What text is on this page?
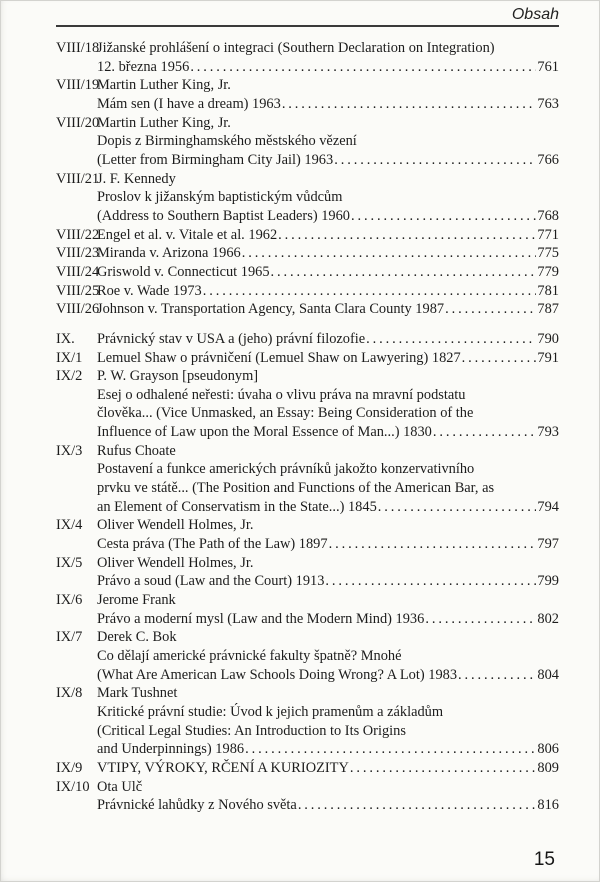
Obsah
VIII/18
Jižanské prohlášení o integraci (Southern Declaration on Integration)
12. března 1956 .....	761
VIII/19
Martin Luther King, Jr.
Mám sen (I have a dream) 1963 .....	763
VIII/20
Martin Luther King, Jr.
Dopis z Birminghamského městského vězení
(Letter from Birmingham City Jail) 1963 .....	766
VIII/21
J. F. Kennedy
Proslov k jižanským baptistickým vůdcům
(Address to Southern Baptist Leaders) 1960 .....	768
VIII/22
Engel et al. v. Vitale et al. 1962 .....	771
VIII/23
Miranda v. Arizona 1966 .....	775
VIII/24
Griswold v. Connecticut 1965 .....	779
VIII/25
Roe v. Wade 1973 .....	781
VIII/26
Johnson v. Transportation Agency, Santa Clara County 1987 .....	787
IX. Právnický stav v USA a (jeho) právní filozofie .....	790
IX/1 Lemuel Shaw o právničení (Lemuel Shaw on Lawyering) 1827 .....	791
IX/2 P. W. Grayson [pseudonym]
Esej o odhalené neřesti: úvaha o vlivu práva na mravní podstatu
člověka... (Vice Unmasked, an Essay: Being Consideration of the
Influence of Law upon the Moral Essence of Man...) 1830 .....	793
IX/3 Rufus Choate
Postavení a funkce amerických právníků jakožto konzervativního
prvku ve státě... (The Position and Functions of the American Bar, as
an Element of Conservatism in the State...) 1845 .....	794
IX/4 Oliver Wendell Holmes, Jr.
Cesta práva (The Path of the Law) 1897 .....	797
IX/5 Oliver Wendell Holmes, Jr.
Právo a soud (Law and the Court) 1913 .....	799
IX/6 Jerome Frank
Právo a moderní mysl (Law and the Modern Mind) 1936 .....	802
IX/7 Derek C. Bok
Co dělají americké právnické fakulty špatně? Mnohé
(What Are American Law Schools Doing Wrong? A Lot) 1983 .....	804
IX/8 Mark Tushnet
Kritické právní studie: Úvod k jejich pramenům a základům
(Critical Legal Studies: An Introduction to Its Origins
and Underpinnings) 1986 .....	806
IX/9 VTIPY, VÝROKY, RČENÍ A KURIOZITY .....	809
IX/10 Ota Ulč
Právnické lahůdky z Nového světa .....	816
15
